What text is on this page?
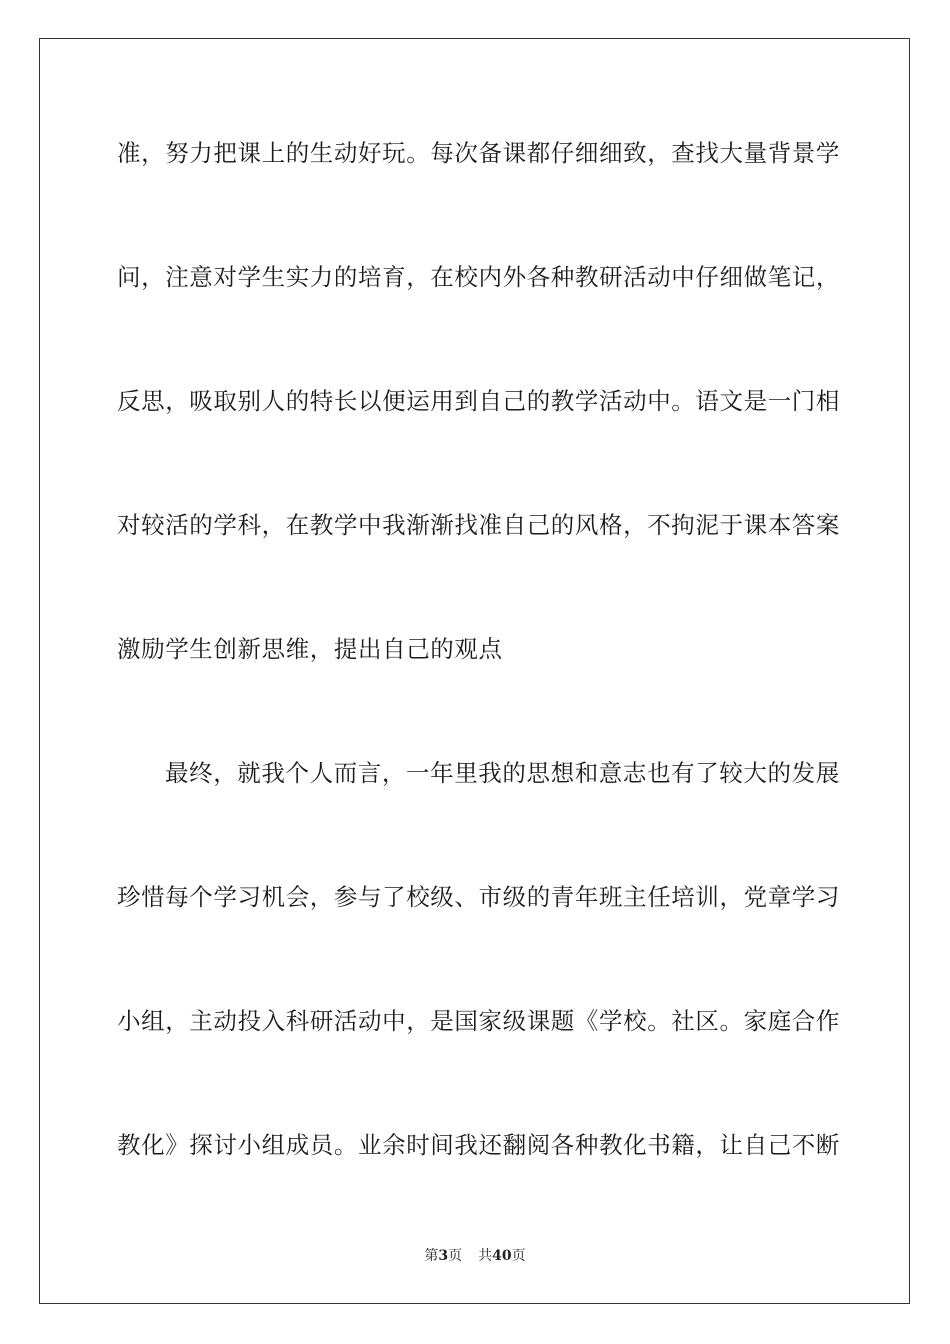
准，努力把课上的生动好玩。每次备课都仔细细致，查找大量背景学
问，注意对学生实力的培育，在校内外各种教研活动中仔细做笔记，
反思，吸取别人的特长以便运用到自己的教学活动中。语文是一门相
对较活的学科，在教学中我渐渐找准自己的风格，不拘泥于课本答案
激励学生创新思维，提出自己的观点
最终，就我个人而言，一年里我的思想和意志也有了较大的发展
珍惜每个学习机会，参与了校级、市级的青年班主任培训，党章学习
小组，主动投入科研活动中，是国家级课题《学校。社区。家庭合作
教化》探讨小组成员。业余时间我还翻阅各种教化书籍，让自己不断
第3页 共40页
